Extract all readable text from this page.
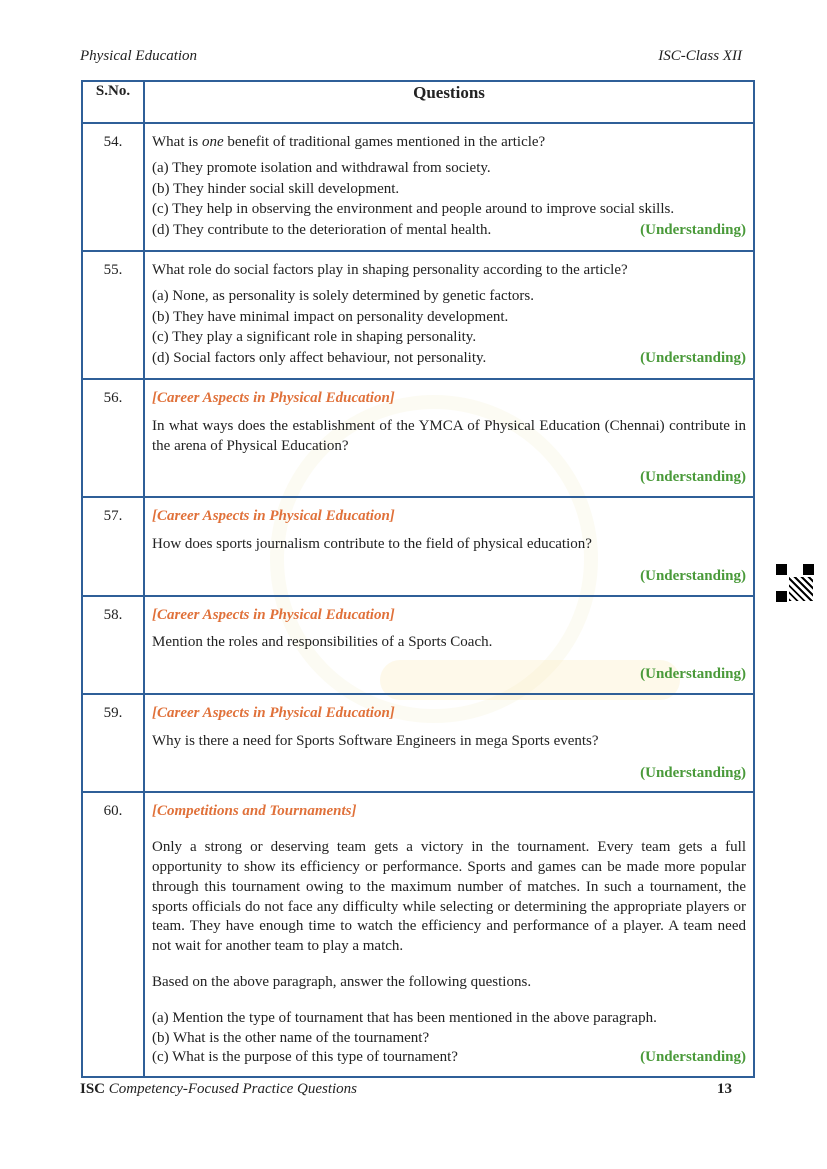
Physical Education	ISC-Class XII
S.No.	Questions
54.	What is one benefit of traditional games mentioned in the article?
(a) They promote isolation and withdrawal from society.
(b) They hinder social skill development.
(c) They help in observing the environment and people around to improve social skills.
(d) They contribute to the deterioration of mental health.	(Understanding)

55.	What role do social factors play in shaping personality according to the article?
(a) None, as personality is solely determined by genetic factors.
(b) They have minimal impact on personality development.
(c) They play a significant role in shaping personality.
(d) Social factors only affect behaviour, not personality.	(Understanding)

56.	[Career Aspects in Physical Education]
In what ways does the establishment of the YMCA of Physical Education (Chennai) contribute in the arena of Physical Education?
(Understanding)

57.	[Career Aspects in Physical Education]
How does sports journalism contribute to the field of physical education?
(Understanding)

58.	[Career Aspects in Physical Education]
Mention the roles and responsibilities of a Sports Coach.
(Understanding)

59.	[Career Aspects in Physical Education]
Why is there a need for Sports Software Engineers in mega Sports events?
(Understanding)

60.	[Competitions and Tournaments]
Only a strong or deserving team gets a victory in the tournament. Every team gets a full opportunity to show its efficiency or performance. Sports and games can be made more popular through this tournament owing to the maximum number of matches. In such a tournament, the sports officials do not face any difficulty while selecting or determining the appropriate players or team. They have enough time to watch the efficiency and performance of a player. A team need not wait for another team to play a match.
Based on the above paragraph, answer the following questions.
(a) Mention the type of tournament that has been mentioned in the above paragraph.
(b) What is the other name of the tournament?
(c) What is the purpose of this type of tournament?	(Understanding)
ISC Competency-Focused Practice Questions	13
